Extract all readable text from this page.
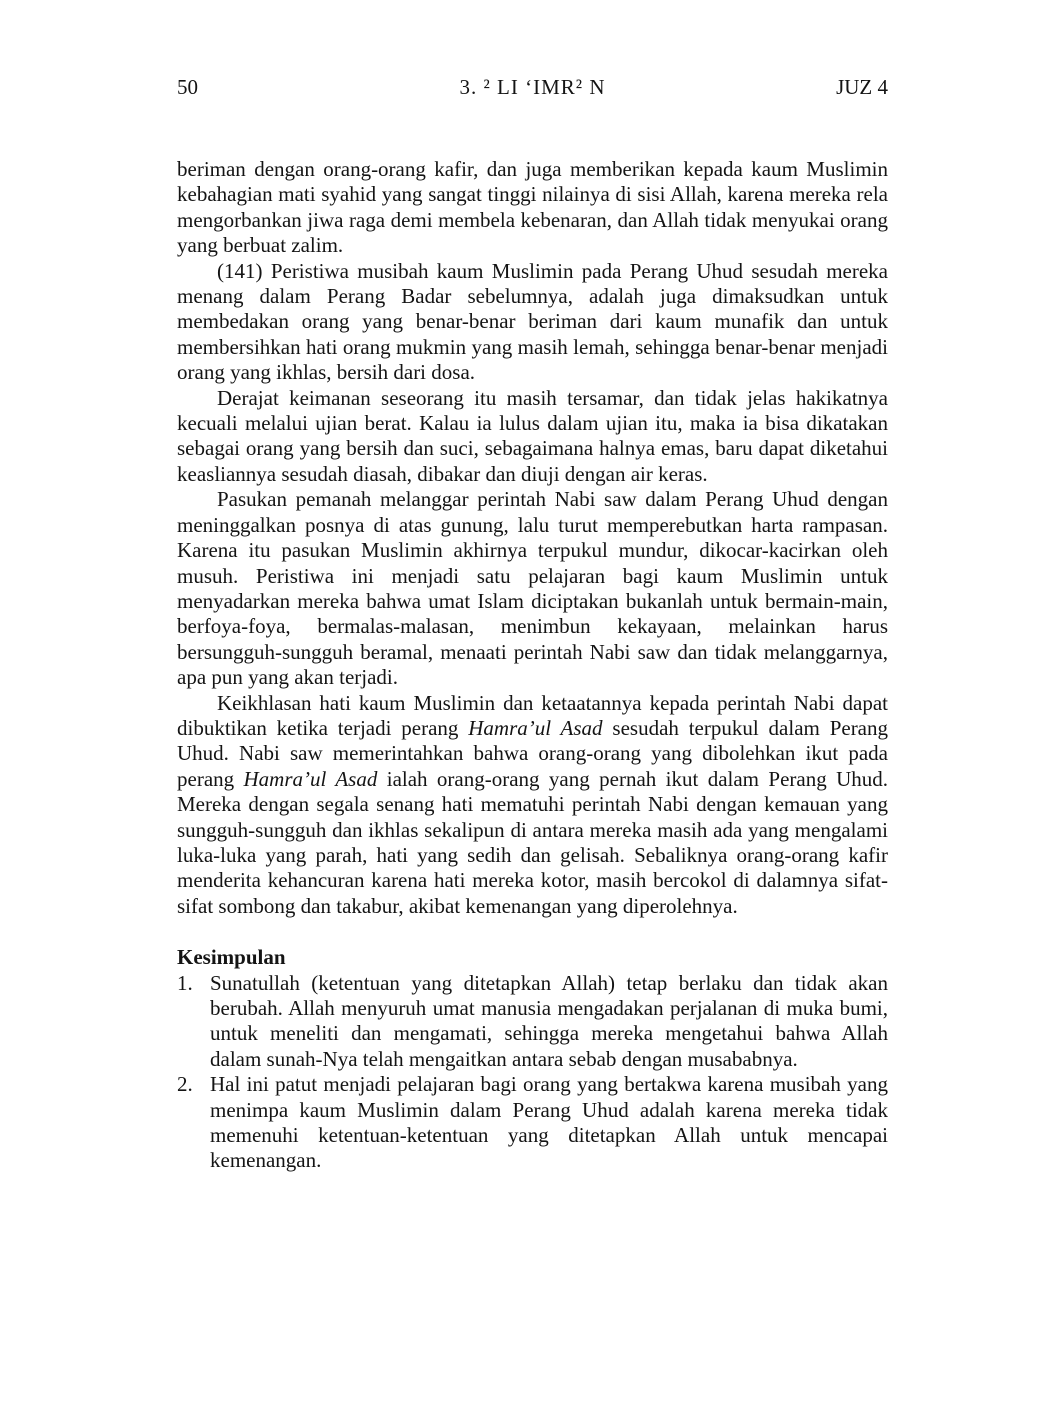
50	3. ² LI ‘IMR² N	JUZ 4

beriman dengan orang-orang kafir, dan juga memberikan kepada kaum Muslimin kebahagian mati syahid yang sangat tinggi nilainya di sisi Allah, karena mereka rela mengorbankan jiwa raga demi membela kebenaran, dan Allah tidak menyukai orang yang berbuat zalim.

(141) Peristiwa musibah kaum Muslimin pada Perang Uhud sesudah mereka menang dalam Perang Badar sebelumnya, adalah juga dimaksudkan untuk membedakan orang yang benar-benar beriman dari kaum munafik dan untuk membersihkan hati orang mukmin yang masih lemah, sehingga benar-benar menjadi orang yang ikhlas, bersih dari dosa.

Derajat keimanan seseorang itu masih tersamar, dan tidak jelas hakikatnya kecuali melalui ujian berat. Kalau ia lulus dalam ujian itu, maka ia bisa dikatakan sebagai orang yang bersih dan suci, sebagaimana halnya emas, baru dapat diketahui keasliannya sesudah diasah, dibakar dan diuji dengan air keras.

Pasukan pemanah melanggar perintah Nabi saw dalam Perang Uhud dengan meninggalkan posnya di atas gunung, lalu turut memperebutkan harta rampasan. Karena itu pasukan Muslimin akhirnya terpukul mundur, dikocar-kacirkan oleh musuh. Peristiwa ini menjadi satu pelajaran bagi kaum Muslimin untuk menyadarkan mereka bahwa umat Islam diciptakan bukanlah untuk bermain-main, berfoya-foya, bermalas-malasan, menimbun kekayaan, melainkan harus bersungguh-sungguh beramal, menaati perintah Nabi saw dan tidak melanggarnya, apa pun yang akan terjadi.

Keikhlasan hati kaum Muslimin dan ketaatannya kepada perintah Nabi dapat dibuktikan ketika terjadi perang Hamra’ul Asad sesudah terpukul dalam Perang Uhud. Nabi saw memerintahkan bahwa orang-orang yang dibolehkan ikut pada perang Hamra’ul Asad ialah orang-orang yang pernah ikut dalam Perang Uhud. Mereka dengan segala senang hati mematuhi perintah Nabi dengan kemauan yang sungguh-sungguh dan ikhlas sekalipun di antara mereka masih ada yang mengalami luka-luka yang parah, hati yang sedih dan gelisah. Sebaliknya orang-orang kafir menderita kehancuran karena hati mereka kotor, masih bercokol di dalamnya sifat-sifat sombong dan takabur, akibat kemenangan yang diperolehnya.

Kesimpulan
1. Sunatullah (ketentuan yang ditetapkan Allah) tetap berlaku dan tidak akan berubah. Allah menyuruh umat manusia mengadakan perjalanan di muka bumi, untuk meneliti dan mengamati, sehingga mereka mengetahui bahwa Allah dalam sunah-Nya telah mengaitkan antara sebab dengan musababnya.
2. Hal ini patut menjadi pelajaran bagi orang yang bertakwa karena musibah yang menimpa kaum Muslimin dalam Perang Uhud adalah karena mereka tidak memenuhi ketentuan-ketentuan yang ditetapkan Allah untuk mencapai kemenangan.
